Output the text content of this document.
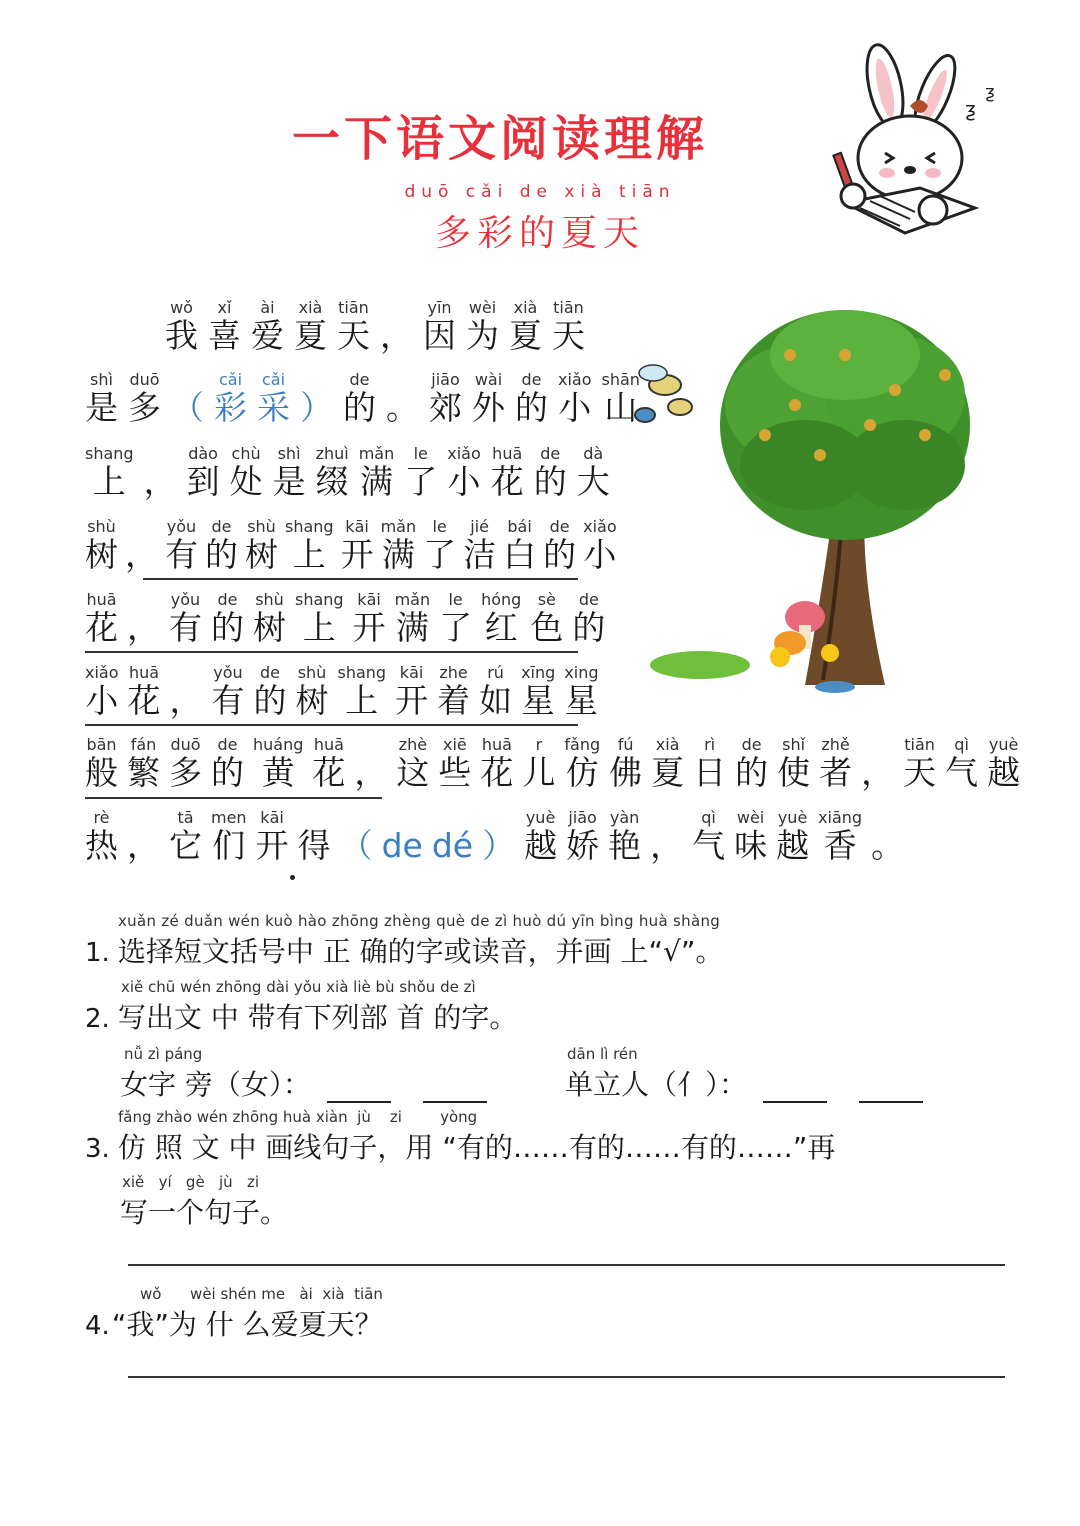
一下语文阅读理解
duō cǎi de xià tiān
多彩的夏天
ƺ
ƺ
我wǒ喜xǐ爱ài夏xià天tiān， 因yīn为wèi夏xià天tiān
是shì多duō（ 彩cǎi采cǎi） 的de。 郊jiāo外wài的de小xiǎo山shān
上shang， 到dào处chù是shì缀zhuì满mǎn了le小xiǎo花huā的de大dà
树shù， 有yǒu的de树shù上shang开kāi满mǎn了le洁jié白bái的de小xiǎo
花huā， 有yǒu的de树shù上shang开kāi满mǎn了le红hóng色sè的de
小xiǎo花huā， 有yǒu的de树shù上shang开kāi着zhe如rú星xīng星xing
般bān繁fán多duō的de黄huáng花huā， 这zhè些xiē花huā儿r仿fǎng佛fú夏xià日rì的de使shǐ者zhě， 天tiān气qì越yuè
热rè， 它tā们men开kāi得 （ de dé ） 越yuè娇jiāo艳yàn， 气qì味wèi越yuè香xiāng。
xuǎn zé duǎn wén kuò hào zhōng zhèng què de zì huò dú yīn bìng huà shàng
1. 选择短文括号中 正 确的字或读音，并画 上“√”。
xiě chū wén zhōng dài yǒu xià liè bù shǒu de zì
2. 写出文 中 带有下列部 首 的字。
nǚ zì páng
女字 旁（女）：
dān lì rén
单立人（亻）：
fǎng zhào wén zhōng huà xiàn  jù    zi        yòng
3. 仿 照 文 中 画线句子，用 “有的……有的……有的……”再
xiě   yí   gè   jù   zi
写一个句子。
wǒ      wèi shén me   ài  xià  tiān
4.“我”为 什 么爱夏天？
